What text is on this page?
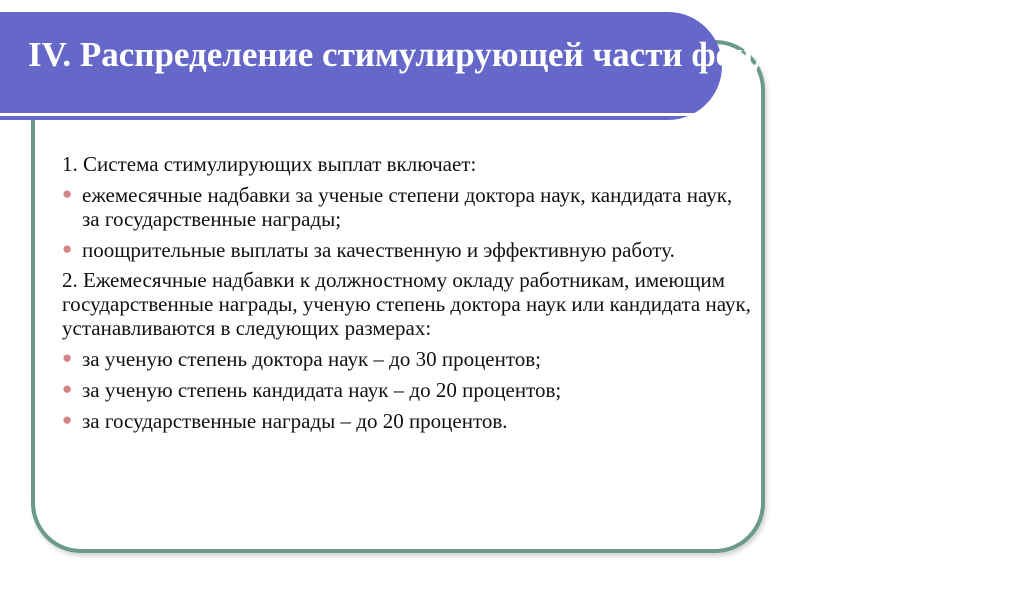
IV. Распределение стимулирующей части фонда оплаты труда

1. Система стимулирующих выплат включает:

● ежемесячные надбавки за ученые степени доктора наук, кандидата наук, за государственные награды;

● поощрительные выплаты за качественную и эффективную работу.

2. Ежемесячные надбавки к должностному окладу работникам, имеющим государственные награды, ученую степень доктора наук или кандидата наук, устанавливаются в следующих размерах:

● за ученую степень доктора наук – до 30 процентов;

● за ученую степень кандидата наук – до 20 процентов;

● за государственные награды – до 20 процентов.
